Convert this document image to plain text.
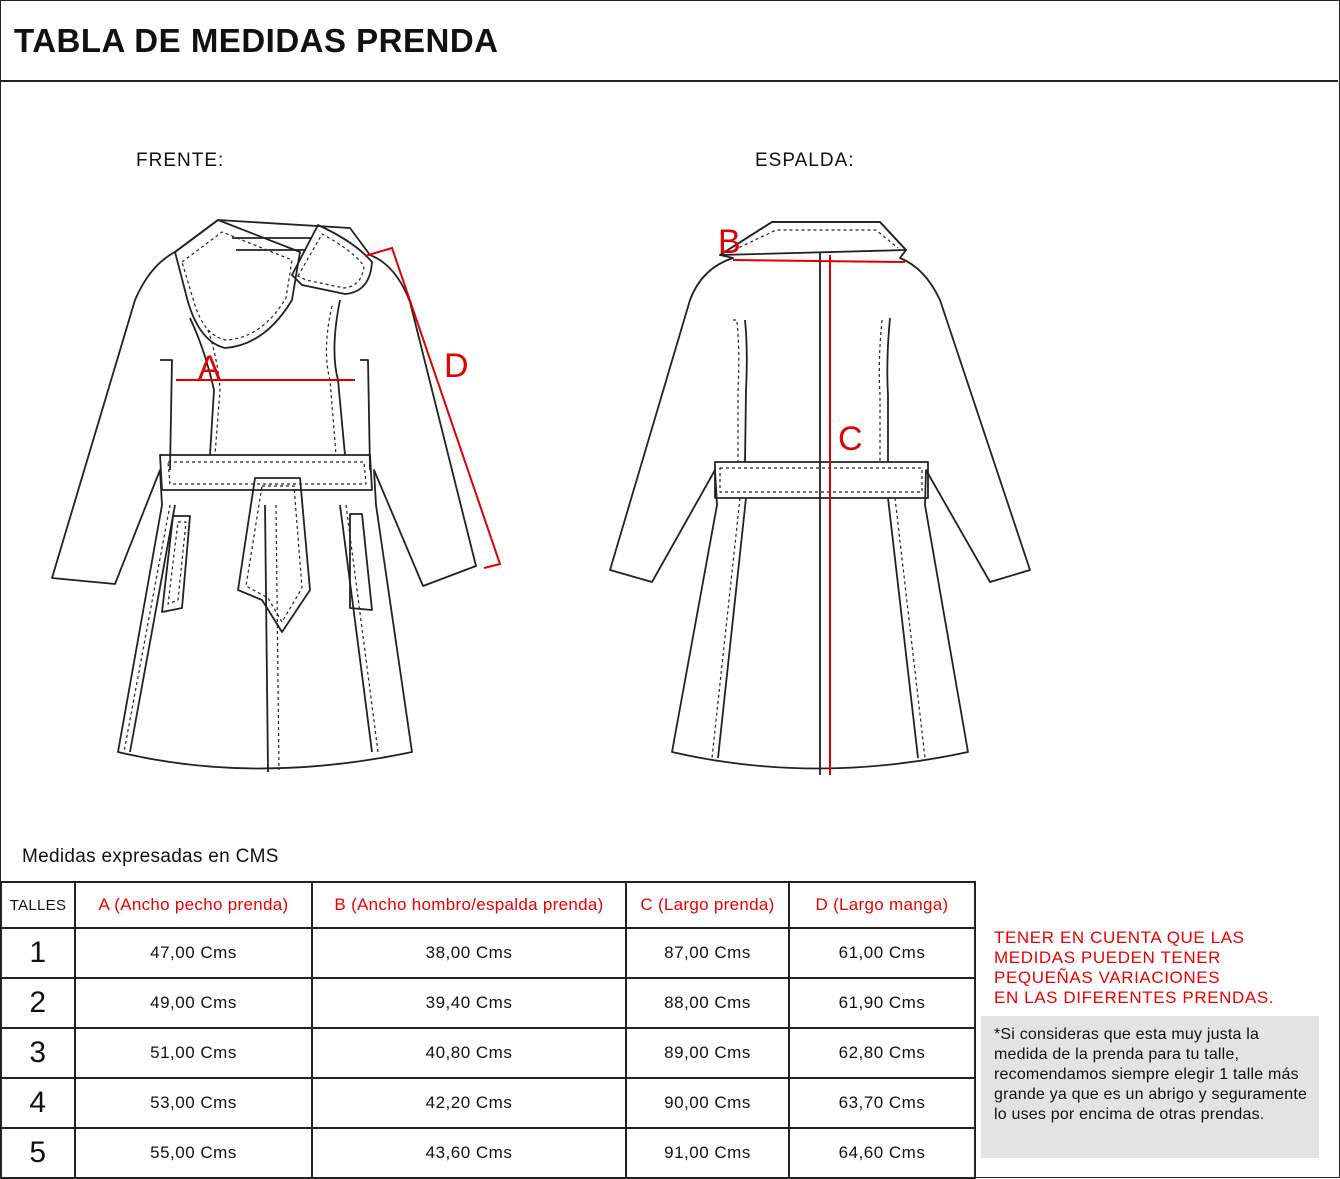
TABLA DE MEDIDAS PRENDA
FRENTE:	ESPALDA:
A	D
B
C
Medidas expresadas en CMS
TALLES	A (Ancho pecho prenda)	B (Ancho hombro/espalda prenda)	C (Largo prenda)	D (Largo manga)
1	47,00 Cms	38,00 Cms	87,00 Cms	61,00 Cms
2	49,00 Cms	39,40 Cms	88,00 Cms	61,90 Cms
3	51,00 Cms	40,80 Cms	89,00 Cms	62,80 Cms
4	53,00 Cms	42,20 Cms	90,00 Cms	63,70 Cms
5	55,00 Cms	43,60 Cms	91,00 Cms	64,60 Cms
TENER EN CUENTA QUE LAS
MEDIDAS PUEDEN TENER
PEQUEÑAS VARIACIONES
EN LAS DIFERENTES PRENDAS.
*Si consideras que esta muy justa la medida de la prenda para tu talle, recomendamos siempre elegir 1 talle más grande ya que es un abrigo y seguramente lo uses por encima de otras prendas.
